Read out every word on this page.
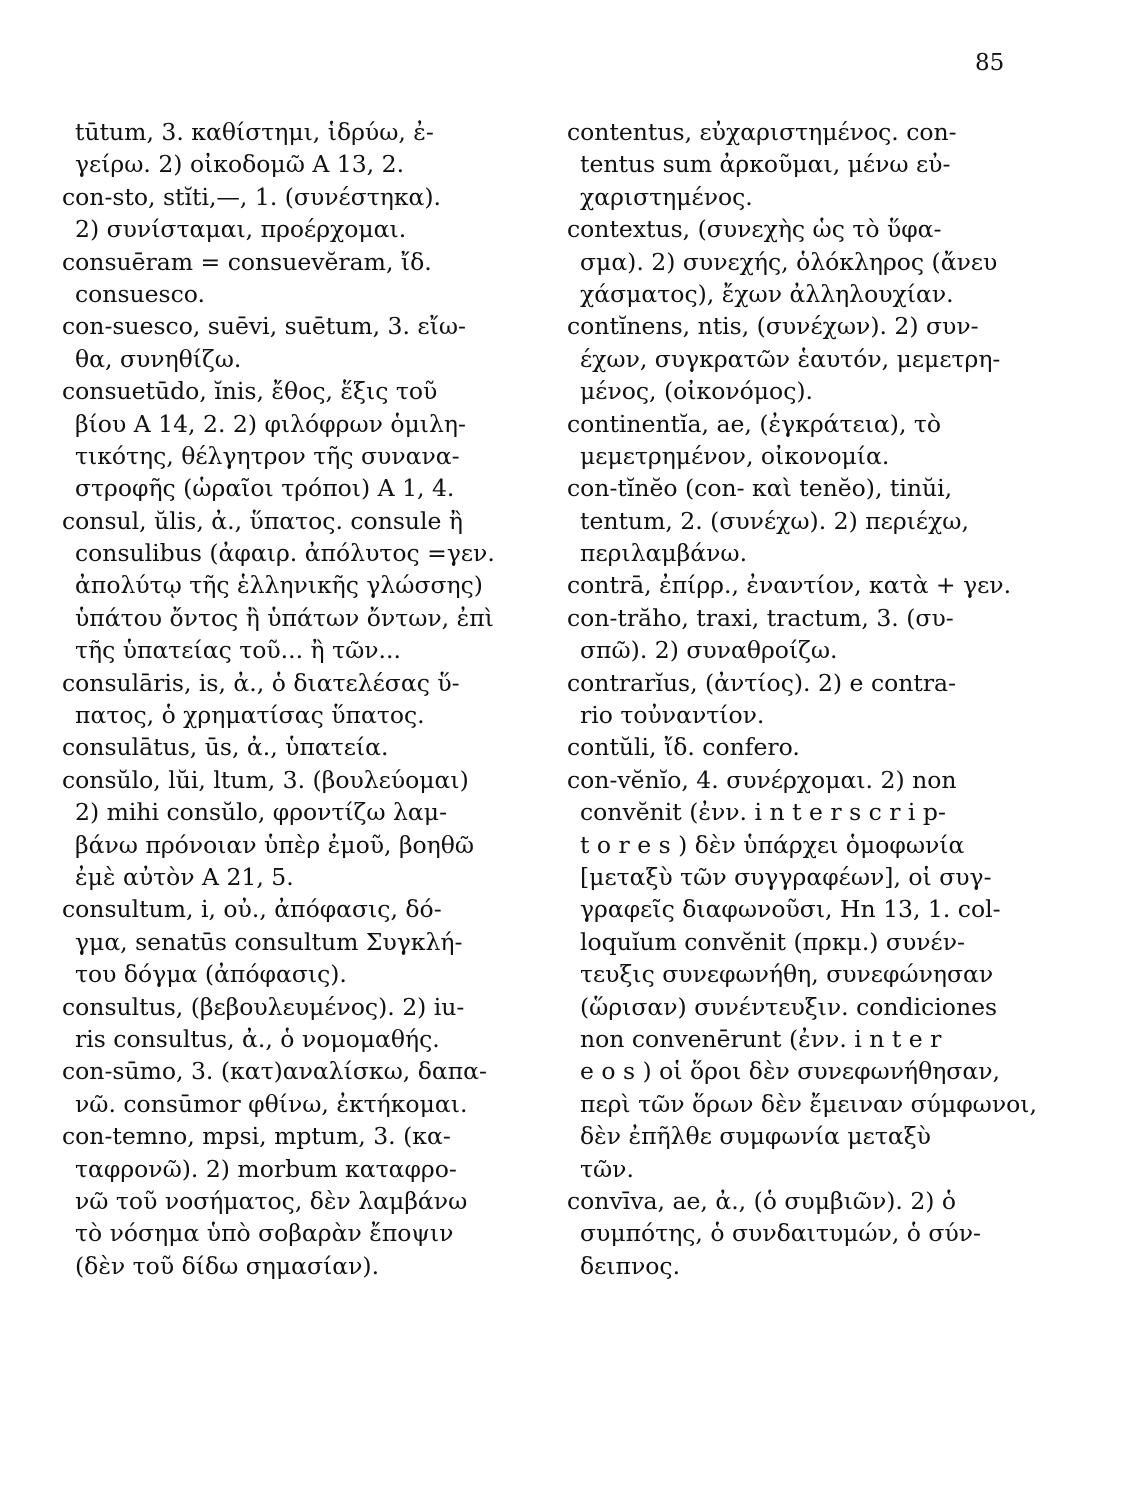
85
tūtum, 3. καθίστημι, ἱδρύω, ἐ-
γείρω. 2) οἰκοδομῶ Α 13, 2.
con-sto, stĭti,—, 1. (συνέστηκα).
2) συνίσταμαι, προέρχομαι.
consuēram = consuevĕram, ἴδ.
consuesco.
con-suesco, suēvi, suētum, 3. εἴω-
θα, συνηθίζω.
consuetūdo, ĭnis, ἔθος, ἕξις τοῦ
βίου Α 14, 2. 2) φιλόφρων ὁμιλη-
τικότης, θέλγητρον τῆς συνανα-
στροφῆς (ὡραῖοι τρόποι) Α 1, 4.
consul, ŭlis, ἀ., ὕπατος. consule ἢ
consulibus (ἀφαιρ. ἀπόλυτος =γεν.
ἀπολύτῳ τῆς ἑλληνικῆς γλώσσης)
ὑπάτου ὄντος ἢ ὑπάτων ὄντων, ἐπὶ
τῆς ὑπατείας τοῦ... ἢ τῶν...
consulāris, is, ἀ., ὁ διατελέσας ὕ-
πατος, ὁ χρηματίσας ὕπατος.
consulātus, ūs, ἀ., ὑπατεία.
consŭlo, lŭi, ltum, 3. (βουλεύομαι)
2) mihi consŭlo, φροντίζω λαμ-
βάνω πρόνοιαν ὑπὲρ ἐμοῦ, βοηθῶ
ἐμὲ αὐτὸν Α 21, 5.
consultum, i, οὐ., ἀπόφασις, δό-
γμα, senatūs consultum Συγκλή-
του δόγμα (ἀπόφασις).
consultus, (βεβουλευμένος). 2) iu-
ris consultus, ἀ., ὁ νομομαθής.
con-sūmo, 3. (κατ)αναλίσκω, δαπα-
νῶ. consūmor φθίνω, ἐκτήκομαι.
con-temno, mpsi, mptum, 3. (κα-
ταφρονῶ). 2) morbum καταφρο-
νῶ τοῦ νοσήματος, δὲν λαμβάνω
τὸ νόσημα ὑπὸ σοβαρὰν ἔποψιν
(δὲν τοῦ δίδω σημασίαν).
contentus, εὐχαριστημένος. con-
tentus sum ἀρκοῦμαι, μένω εὐ-
χαριστημένος.
contextus, (συνεχὴς ὡς τὸ ὕφα-
σμα). 2) συνεχής, ὁλόκληρος (ἄνευ
χάσματος), ἔχων ἀλληλουχίαν.
contĭnens, ntis, (συνέχων). 2) συν-
έχων, συγκρατῶν ἑαυτόν, μεμετρη-
μένος, (οἰκονόμος).
continentĭa, ae, (ἐγκράτεια), τὸ
μεμετρημένον, οἰκονομία.
con-tĭnĕo (con- καὶ tenĕo), tinŭi,
tentum, 2. (συνέχω). 2) περιέχω,
περιλαμβάνω.
contrā, ἐπίρρ., ἐναντίον, κατὰ + γεν.
con-trăho, traxi, tractum, 3. (συ-
σπῶ). 2) συναθροίζω.
contrarĭus, (ἀντίος). 2) e contra-
rio τοὐναντίον.
contŭli, ἴδ. confero.
con-vĕnĭo, 4. συνέρχομαι. 2) non
convĕnit (ἐνν. i n t e r s c r i p-
t o r e s ) δὲν ὑπάρχει ὁμοφωνία
[μεταξὺ τῶν συγγραφέων], οἱ συγ-
γραφεῖς διαφωνοῦσι, Hn 13, 1. col-
loquĭum convĕnit (πρκμ.) συνέν-
τευξις συνεφωνήθη, συνεφώνησαν
(ὥρισαν) συνέντευξιν. condiciones
non convenērunt (ἐνν. i n t e r
e o s ) οἱ ὅροι δὲν συνεφωνήθησαν,
περὶ τῶν ὅρων δὲν ἔμειναν σύμφωνοι,
δὲν ἐπῆλθε συμφωνία μεταξὺ
τῶν.
convīva, ae, ἀ., (ὁ συμβιῶν). 2) ὁ
συμπότης, ὁ συνδαιτυμών, ὁ σύν-
δειπνος.
